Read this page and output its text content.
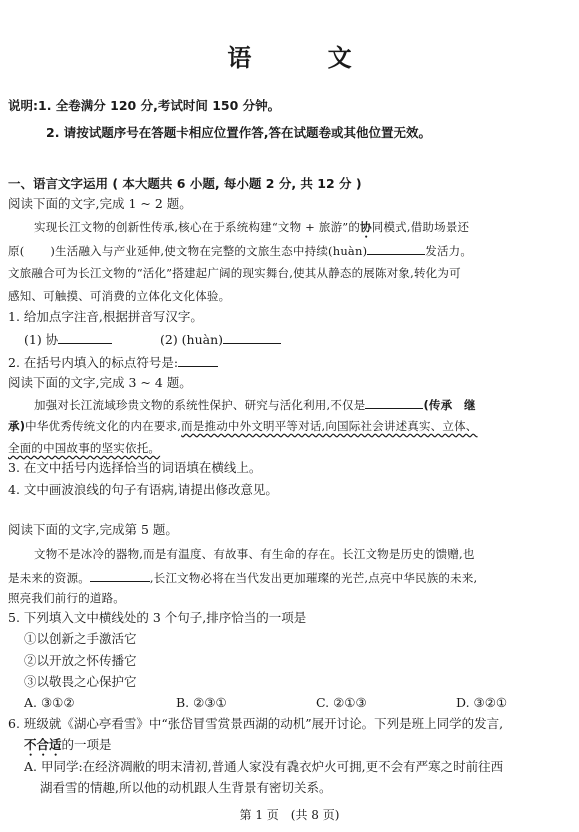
语 文
说明:1. 全卷满分 120 分,考试时间 150 分钟。
2. 请按试题序号在答题卡相应位置作答,答在试题卷或其他位置无效。
一、语言文字运用 ( 本大题共 6 小题, 每小题 2 分, 共 12 分 )
阅读下面的文字,完成 1 ~ 2 题。
实现长江文物的创新性传承,核心在于系统构建“文物 + 旅游”的协同模式,借助场景还
原( )生活融入与产业延伸,使文物在完整的文旅生态中持续(huàn)	发活力。
文旅融合可为长江文物的“活化”搭建起广阔的现实舞台,使其从静态的展陈对象,转化为可
感知、可触摸、可消费的立体化文化体验。
1. 给加点字注音,根据拼音写汉字。
(1) 协	(2) (huàn)
2. 在括号内填入的标点符号是:
阅读下面的文字,完成 3 ~ 4 题。
加强对长江流域珍贵文物的系统性保护、研究与活化利用,不仅是	(传承　继
承)中华优秀传统文化的内在要求,而是推动中外文明平等对话,向国际社会讲述真实、立体、
全面的中国故事的坚实依托。
3. 在文中括号内选择恰当的词语填在横线上。
4. 文中画波浪线的句子有语病,请提出修改意见。
阅读下面的文字,完成第 5 题。
文物不是冰冷的器物,而是有温度、有故事、有生命的存在。长江文物是历史的馈赠,也
是未来的资源。	,长江文物必将在当代发出更加璀璨的光芒,点亮中华民族的未来,
照亮我们前行的道路。
5. 下列填入文中横线处的 3 个句子,排序恰当的一项是
①以创新之手激活它
②以开放之怀传播它
③以敬畏之心保护它
A. ③①②	B. ②③①	C. ②①③	D. ③②①
6. 班级就《湖心亭看雪》中“张岱冒雪赏景西湖的动机”展开讨论。下列是班上同学的发言,
不合适的一项是
A. 甲同学:在经济凋敝的明末清初,普通人家没有毳衣炉火可拥,更不会有严寒之时前往西
湖看雪的情趣,所以他的动机跟人生背景有密切关系。
第 1 页　(共 8 页)
